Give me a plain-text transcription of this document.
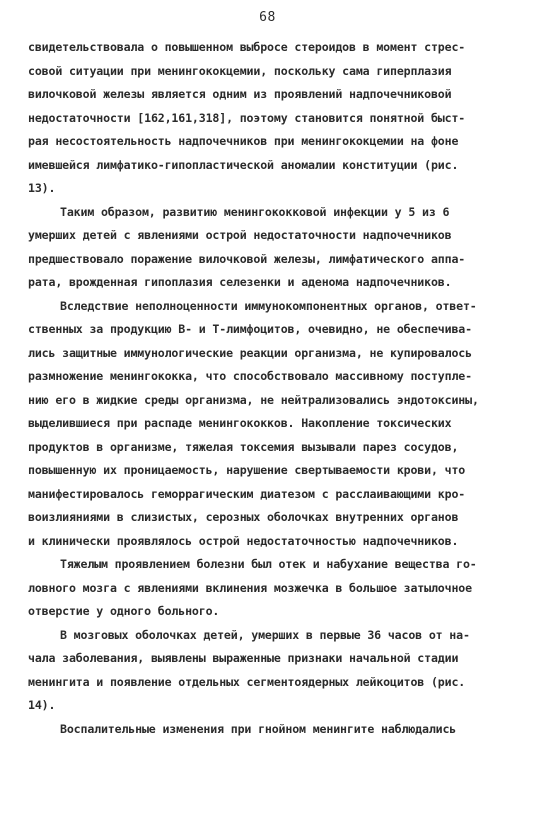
68
свидетельствовала о повышенном выбросе стероидов в момент стрес-
совой ситуации при менингококцемии, поскольку сама гиперплазия
вилочковой железы является одним из проявлений надпочечниковой
недостаточности [162,161,318], поэтому становится понятной быст-
рая несостоятельность надпочечников при менингококцемии на фоне
имевшейся лимфатико-гипопластической аномалии конституции (рис.
13).
Таким образом, развитию менингококковой инфекции у 5 из 6
умерших детей с явлениями острой недостаточности надпочечников
предшествовало поражение вилочковой железы, лимфатического аппа-
рата, врожденная гипоплазия селезенки и аденома надпочечников.
Вследствие неполноценности иммунокомпонентных органов, ответ-
ственных за продукцию В- и Т-лимфоцитов, очевидно, не обеспечива-
лись защитные иммунологические реакции организма, не купировалось
размножение менингококка, что способствовало массивному поступле-
нию его в жидкие среды организма, не нейтрализовались эндотоксины,
выделившиеся при распаде менингококков. Накопление токсических
продуктов в организме, тяжелая токсемия вызывали парез сосудов,
повышенную их проницаемость, нарушение свертываемости крови, что
манифестировалось геморрагическим диатезом с расслаивающими кро-
воизлияниями в слизистых, серозных оболочках внутренних органов
и клинически проявлялось острой недостаточностью надпочечников.
Тяжелым проявлением болезни был отек и набухание вещества го-
ловного мозга с явлениями вклинения мозжечка в большое затылочное
отверстие у одного больного.
В мозговых оболочках детей, умерших в первые 36 часов от на-
чала заболевания, выявлены выраженные признаки начальной стадии
менингита и появление отдельных сегментоядерных лейкоцитов (рис.
14).
Воспалительные изменения при гнойном менингите наблюдались
